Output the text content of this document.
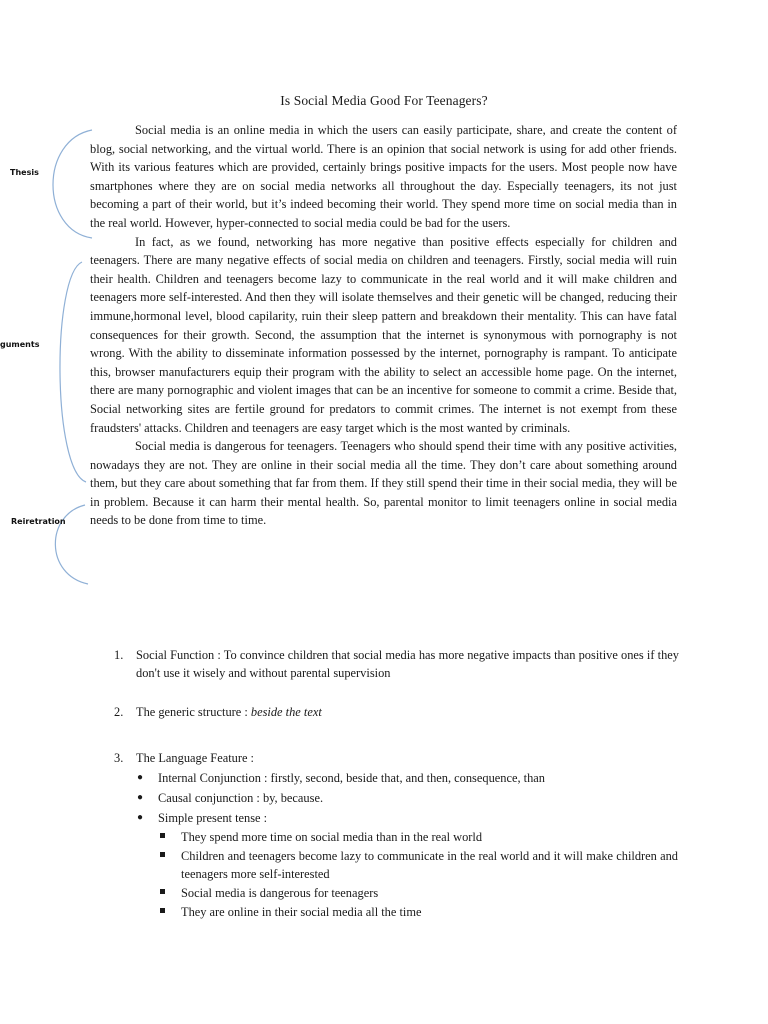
Thesis
guments
Reiretration
Is Social Media Good For Teenagers?

Social media is an online media in which the users can easily participate, share, and create the content of blog, social networking, and the virtual world. There is an opinion that social network is using for add other friends. With its various features which are provided, certainly brings positive impacts for the users. Most people now have smartphones where they are on social media networks all throughout the day. Especially teenagers, its not just becoming a part of their world, but it’s indeed becoming their world. They spend more time on social media than in the real world. However, hyper-connected to social media could be bad for the users.

In fact, as we found, networking has more negative than positive effects especially for children and teenagers. There are many negative effects of social media on children and teenagers. Firstly, social media will ruin their health. Children and teenagers become lazy to communicate in the real world and it will make children and teenagers more self-interested. And then they will isolate themselves and their genetic will be changed, reducing their immune,hormonal level, blood capilarity, ruin their sleep pattern and breakdown their mentality. This can have fatal consequences for their growth. Second, the assumption that the internet is synonymous with pornography is not wrong. With the ability to disseminate information possessed by the internet, pornography is rampant. To anticipate this, browser manufacturers equip their program with the ability to select an accessible home page. On the internet, there are many pornographic and violent images that can be an incentive for someone to commit a crime. Beside that, Social networking sites are fertile ground for predators to commit crimes. The internet is not exempt from these fraudsters' attacks. Children and teenagers are easy target which is the most wanted by criminals.

Social media is dangerous for teenagers. Teenagers who should spend their time with any positive activities, nowadays they are not. They are online in their social media all the time. They don’t care about something around them, but they care about something that far from them. If they still spend their time in their social media, they will be in problem. Because it can harm their mental health. So, parental monitor to limit teenagers online in social media needs to be done from time to time.

1. Social Function : To convince children that social media has more negative impacts than positive ones if they don't use it wisely and without parental supervision
2. The generic structure : beside the text
3. The Language Feature :
● Internal Conjunction : firstly, second, beside that, and then, consequence, than
● Causal conjunction : by, because.
● Simple present tense :
They spend more time on social media than in the real world
Children and teenagers become lazy to communicate in the real world and it will make children and teenagers more self-interested
Social media is dangerous for teenagers
They are online in their social media all the time
